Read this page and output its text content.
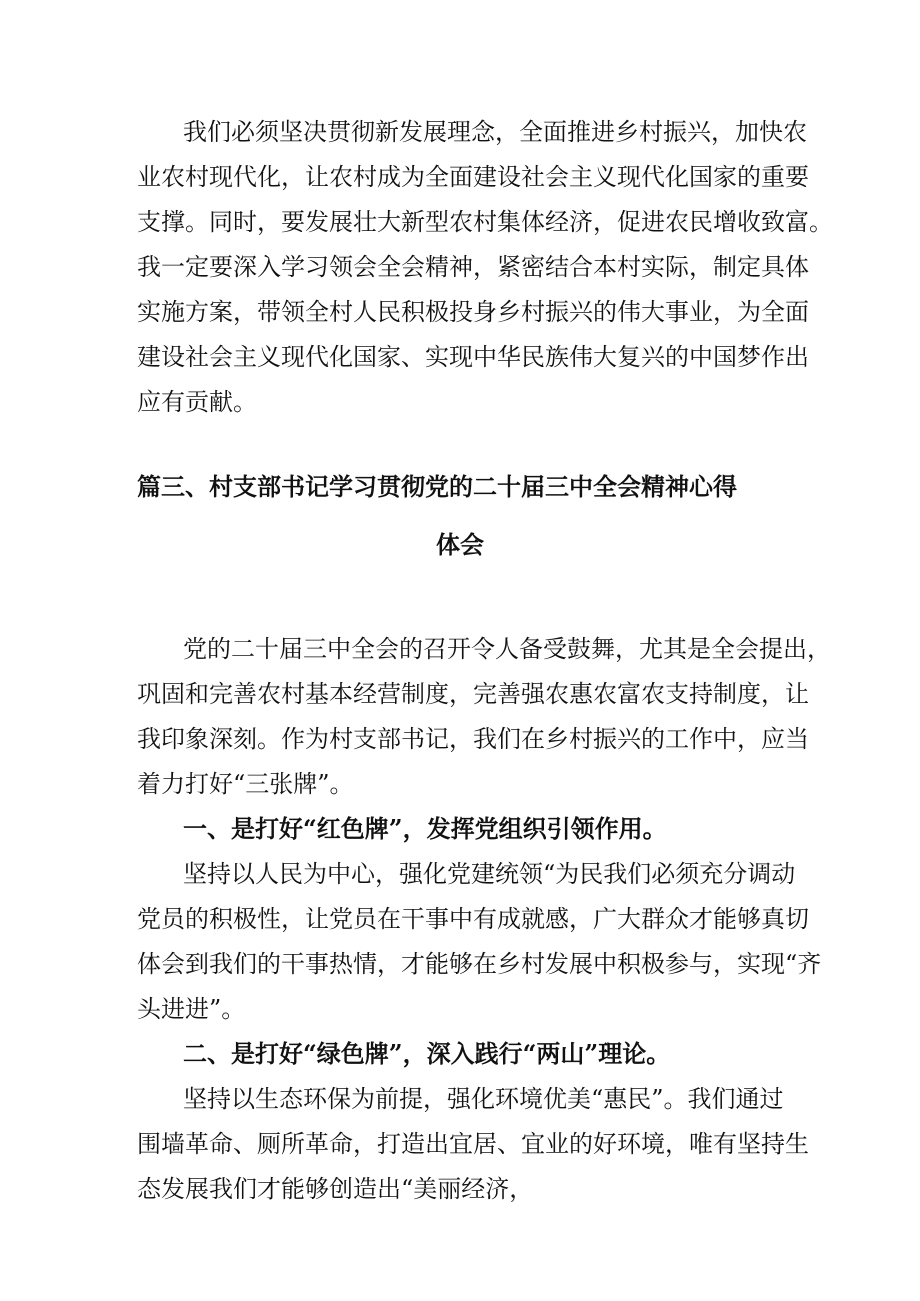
我们必须坚决贯彻新发展理念，全面推进乡村振兴，加快农
业农村现代化，让农村成为全面建设社会主义现代化国家的重要
支撑。同时，要发展壮大新型农村集体经济，促进农民增收致富。
我一定要深入学习领会全会精神，紧密结合本村实际，制定具体
实施方案，带领全村人民积极投身乡村振兴的伟大事业，为全面
建设社会主义现代化国家、实现中华民族伟大复兴的中国梦作出
应有贡献。
篇三、村支部书记学习贯彻党的二十届三中全会精神心得
体会
党的二十届三中全会的召开令人备受鼓舞，尤其是全会提出，
巩固和完善农村基本经营制度，完善强农惠农富农支持制度，让
我印象深刻。作为村支部书记，我们在乡村振兴的工作中，应当
着力打好“三张牌”。
一、是打好“红色牌”，发挥党组织引领作用。
坚持以人民为中心，强化党建统领“为民我们必须充分调动
党员的积极性，让党员在干事中有成就感，广大群众才能够真切
体会到我们的干事热情，才能够在乡村发展中积极参与，实现“齐
头进进”。
二、是打好“绿色牌”，深入践行“两山”理论。
坚持以生态环保为前提，强化环境优美“惠民”。我们通过
围墙革命、厕所革命，打造出宜居、宜业的好环境，唯有坚持生
态发展我们才能够创造出“美丽经济，
